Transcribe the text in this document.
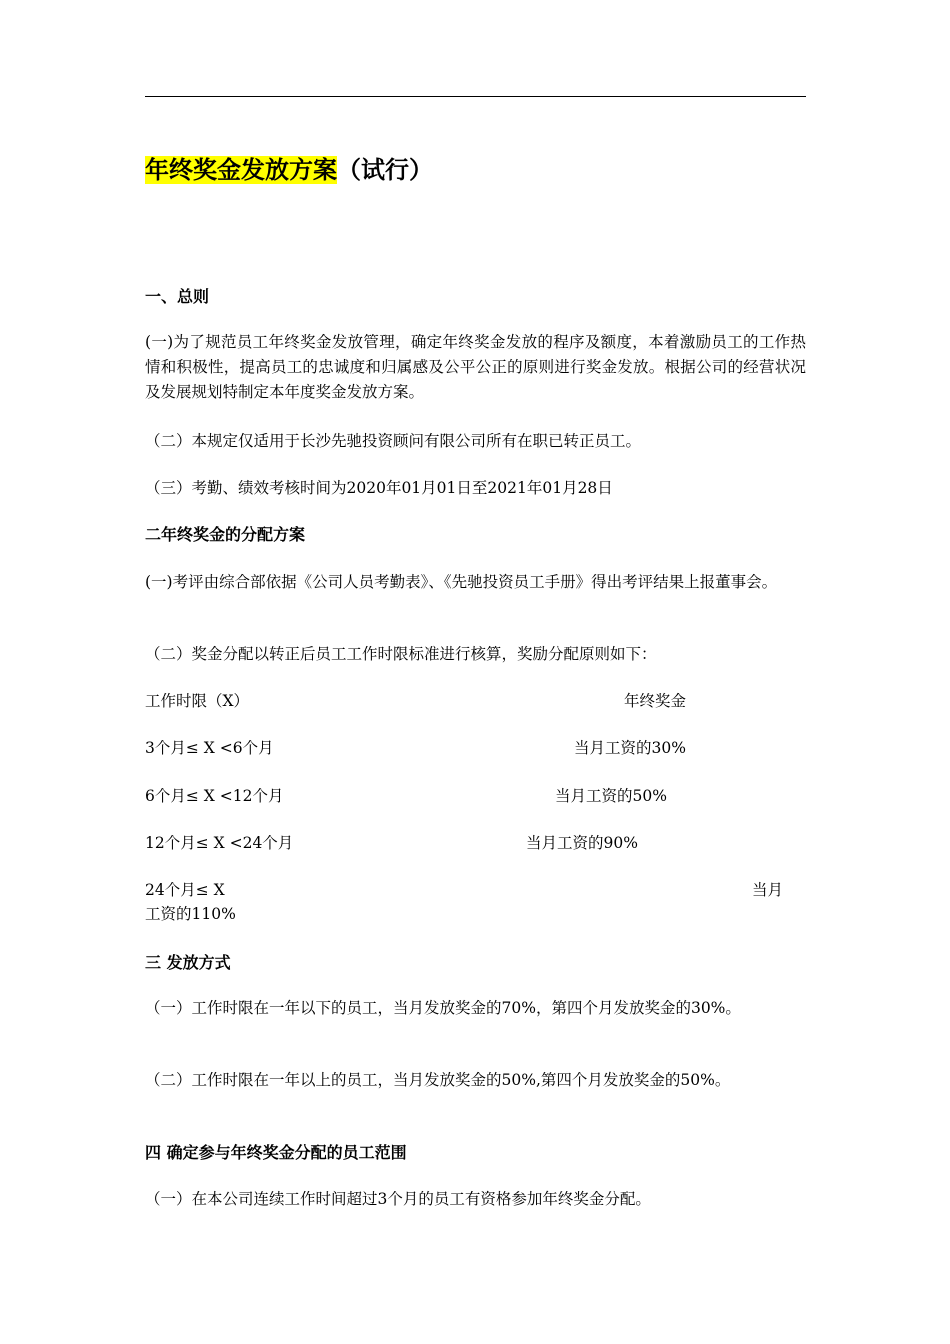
年终奖金发放方案（试行）
一、总则
(一)为了规范员工年终奖金发放管理，确定年终奖金发放的程序及额度，本着激励员工的工作热情和积极性，提高员工的忠诚度和归属感及公平公正的原则进行奖金发放。根据公司的经营状况及发展规划特制定本年度奖金发放方案。
（二）本规定仅适用于长沙先驰投资顾问有限公司所有在职已转正员工。
（三）考勤、绩效考核时间为2020年01月01日至2021年01月28日
二年终奖金的分配方案
(一)考评由综合部依据《公司人员考勤表》、《先驰投资员工手册》得出考评结果上报董事会。
（二）奖金分配以转正后员工工作时限标准进行核算，奖励分配原则如下：
工作时限（X）	年终奖金
3个月≤ X <6个月	当月工资的30%
6个月≤ X <12个月	当月工资的50%
12个月≤ X <24个月	当月工资的90%
24个月≤ X	当月
工资的110%
三 发放方式
（一）工作时限在一年以下的员工，当月发放奖金的70%，第四个月发放奖金的30%。
（二）工作时限在一年以上的员工，当月发放奖金的50%,第四个月发放奖金的50%。
四 确定参与年终奖金分配的员工范围
（一）在本公司连续工作时间超过3个月的员工有资格参加年终奖金分配。
